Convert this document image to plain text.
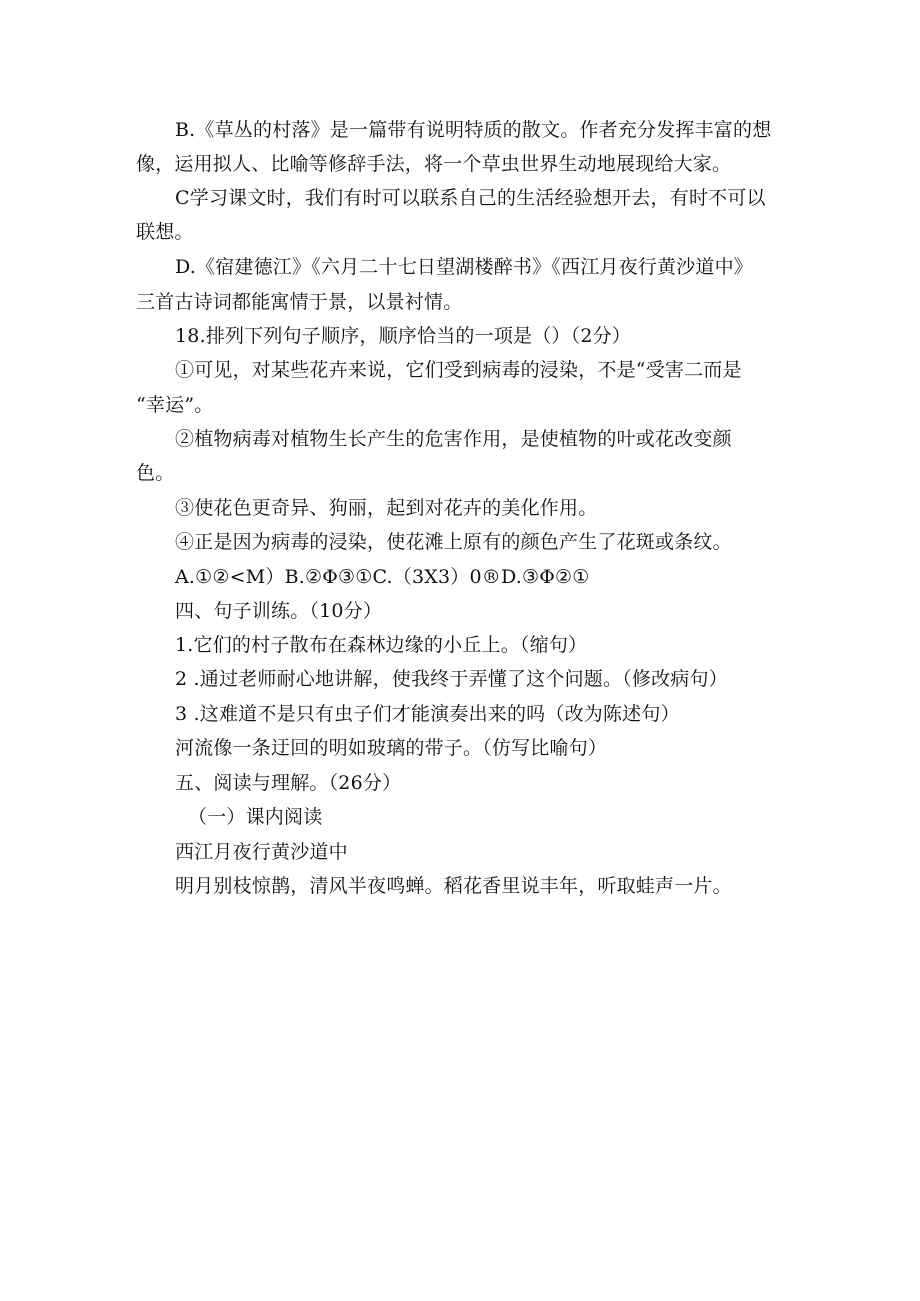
B.《草丛的村落》是一篇带有说明特质的散文。作者充分发挥丰富的想
像，运用拟人、比喻等修辞手法，将一个草虫世界生动地展现给大家。
C学习课文时，我们有时可以联系自己的生活经验想开去，有时不可以
联想。
D.《宿建德江》《六月二十七日望湖楼醉书》《西江月夜行黄沙道中》
三首古诗词都能寓情于景，以景衬情。
18.排列下列句子顺序，顺序恰当的一项是（）（2分）
①可见，对某些花卉来说，它们受到病毒的浸染，不是“受害二而是
“幸运”。
②植物病毒对植物生长产生的危害作用，是使植物的叶或花改变颜
色。
③使花色更奇异、狗丽，起到对花卉的美化作用。
④正是因为病毒的浸染，使花滩上原有的颜色产生了花斑或条纹。
A.①②<M）B.②Φ③①C.（3X3）0®D.③Φ②①
四、句子训练。（10分）
1.它们的村子散布在森林边缘的小丘上。（缩句）
2 .通过老师耐心地讲解，使我终于弄懂了这个问题。（修改病句）
3 .这难道不是只有虫子们才能演奏出来的吗（改为陈述句）
河流像一条迂回的明如玻璃的带子。（仿写比喻句）
五、阅读与理解。（26分）
（一）课内阅读
西江月夜行黄沙道中
明月别枝惊鹊，清风半夜鸣蝉。稻花香里说丰年，听取蛙声一片。
